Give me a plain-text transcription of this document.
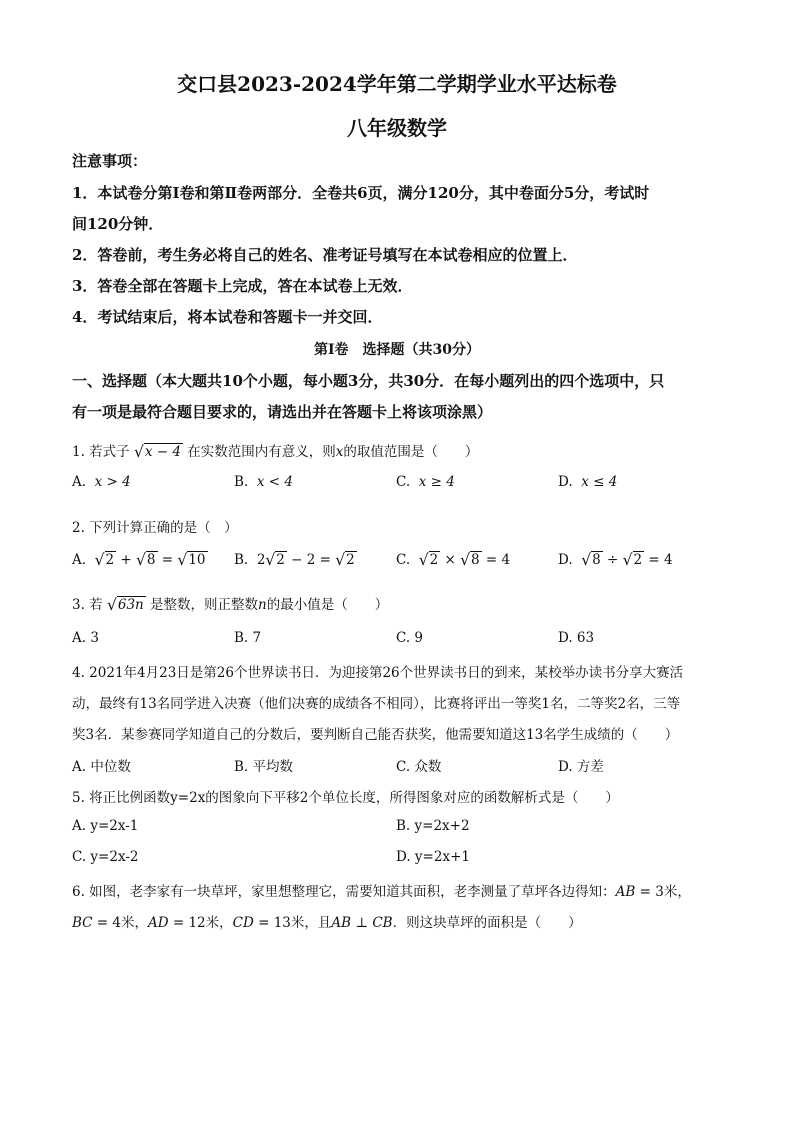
交口县2023-2024学年第二学期学业水平达标卷
八年级数学
注意事项：
1．本试卷分第Ⅰ卷和第Ⅱ卷两部分．全卷共6页，满分120分，其中卷面分5分，考试时
间120分钟．
2．答卷前，考生务必将自己的姓名、准考证号填写在本试卷相应的位置上．
3．答卷全部在答题卡上完成，答在本试卷上无效．
4．考试结束后，将本试卷和答题卡一并交回．
第Ⅰ卷　选择题（共30分）
一、选择题（本大题共10个小题，每小题3分，共30分．在每小题列出的四个选项中，只
有一项是最符合题目要求的，请选出并在答题卡上将该项涂黑）
1. 若式子 √x − 4 在实数范围内有意义，则x的取值范围是（　　）
A. x > 4	B. x < 4	C. x ≥ 4	D. x ≤ 4
2. 下列计算正确的是（　）
A. √2 + √8 = √10 B. 2√2 − 2 = √2	C. √2 × √8 = 4	D. √8 ÷ √2 = 4
3. 若 √63n 是整数，则正整数n的最小值是（　　）
A. 3	B. 7	C. 9	D. 63
4. 2021年4月23日是第26个世界读书日．为迎接第26个世界读书日的到来，某校举办读书分享大赛活
动，最终有13名同学进入决赛（他们决赛的成绩各不相同），比赛将评出一等奖1名，二等奖2名，三等
奖3名．某参赛同学知道自己的分数后，要判断自己能否获奖，他需要知道这13名学生成绩的（　　）
A. 中位数	B. 平均数	C. 众数	D. 方差
5. 将正比例函数y=2x的图象向下平移2个单位长度，所得图象对应的函数解析式是（　　）
A. y=2x-1	B. y=2x+2
C. y=2x-2	D. y=2x+1
6. 如图，老李家有一块草坪，家里想整理它，需要知道其面积，老李测量了草坪各边得知：AB = 3米，
BC = 4米，AD = 12米，CD = 13米，且AB ⊥ CB．则这块草坪的面积是（　　）
